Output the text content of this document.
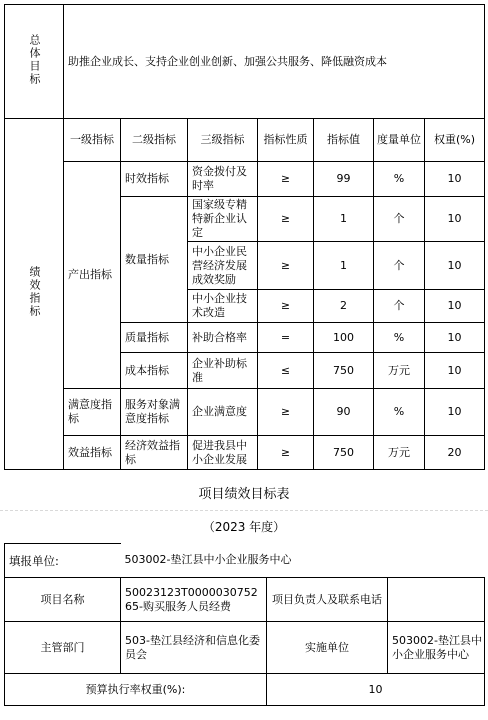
总体目标	助推企业成长、支持企业创业创新、加强公共服务、降低融资成本						
绩效指标	一级指标	二级指标	三级指标	指标性质	指标值	度量单位	权重(%)
	产出指标	时效指标	资金拨付及时率	≥	99	%	10
		数量指标	国家级专精特新企业认定	≥	1	个	10
			中小企业民营经济发展成效奖励	≥	1	个	10
			中小企业技术改造	≥	2	个	10
		质量指标	补助合格率	=	100	%	10
		成本指标	企业补助标准	≤	750	万元	10
	满意度指标	服务对象满意度指标	企业满意度	≥	90	%	10
	效益指标	经济效益指标	促进我县中小企业发展	≥	750	万元	20
项目绩效目标表
（2023 年度）
填报单位:	503002-垫江县中小企业服务中心		
项目名称	50023123T000003075265-购买服务人员经费	项目负责人及联系电话	
主管部门	503-垫江县经济和信息化委员会	实施单位	503002-垫江县中小企业服务中心
预算执行率权重(%):		10	
